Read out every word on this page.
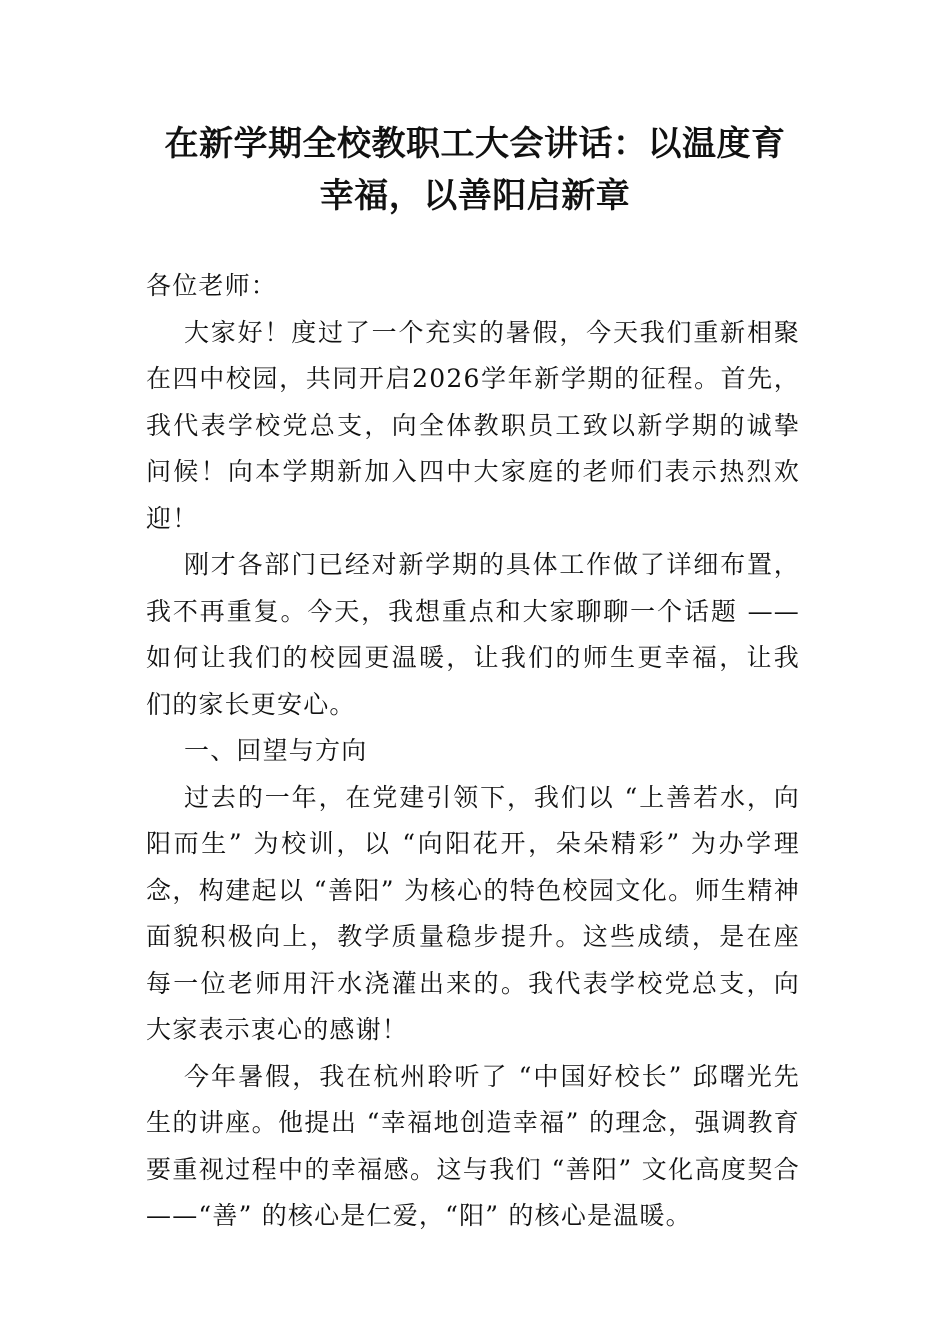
在新学期全校教职工大会讲话：以温度育幸福，以善阳启新章

各位老师：

大家好！度过了一个充实的暑假，今天我们重新相聚在四中校园，共同开启2026学年新学期的征程。首先，我代表学校党总支，向全体教职员工致以新学期的诚挚问候！向本学期新加入四中大家庭的老师们表示热烈欢迎！

刚才各部门已经对新学期的具体工作做了详细布置，我不再重复。今天，我想重点和大家聊聊一个话题 —— 如何让我们的校园更温暖，让我们的师生更幸福，让我们的家长更安心。

一、回望与方向

过去的一年，在党建引领下，我们以 “上善若水，向阳而生” 为校训，以 “向阳花开，朵朵精彩” 为办学理念，构建起以 “善阳” 为核心的特色校园文化。师生精神面貌积极向上，教学质量稳步提升。这些成绩，是在座每一位老师用汗水浇灌出来的。我代表学校党总支，向大家表示衷心的感谢！

今年暑假，我在杭州聆听了 “中国好校长” 邱曙光先生的讲座。他提出 “幸福地创造幸福” 的理念，强调教育要重视过程中的幸福感。这与我们 “善阳” 文化高度契合 ——“善” 的核心是仁爱，“阳” 的核心是温暖。
